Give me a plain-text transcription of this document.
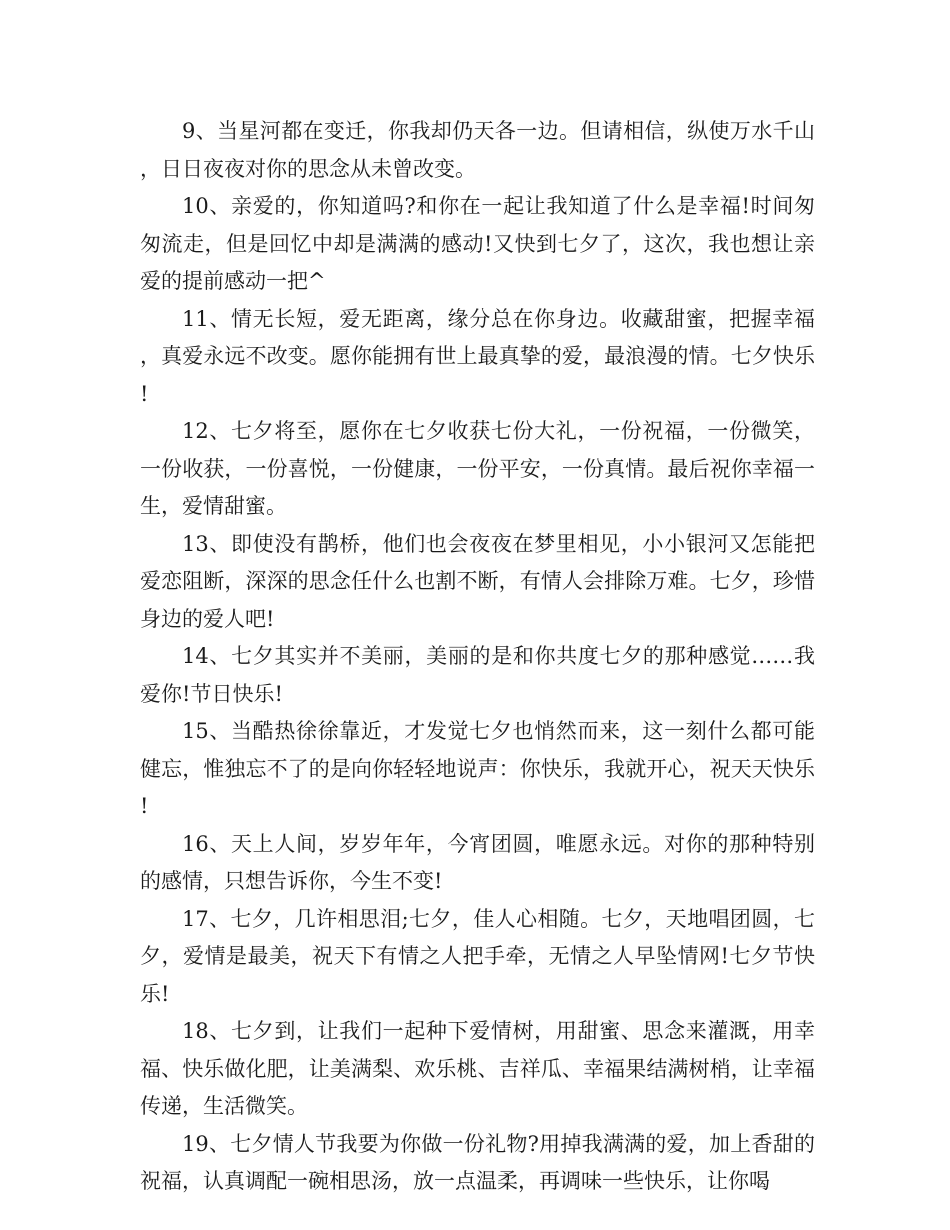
9、当星河都在变迁，你我却仍天各一边。但请相信，纵使万水千山，日日夜夜对你的思念从未曾改变。

10、亲爱的，你知道吗?和你在一起让我知道了什么是幸福!时间匆匆流走，但是回忆中却是满满的感动!又快到七夕了，这次，我也想让亲爱的提前感动一把^

11、情无长短，爱无距离，缘分总在你身边。收藏甜蜜，把握幸福，真爱永远不改变。愿你能拥有世上最真挚的爱，最浪漫的情。七夕快乐!

12、七夕将至，愿你在七夕收获七份大礼，一份祝福，一份微笑，一份收获，一份喜悦，一份健康，一份平安，一份真情。最后祝你幸福一生，爱情甜蜜。

13、即使没有鹊桥，他们也会夜夜在梦里相见，小小银河又怎能把爱恋阻断，深深的思念任什么也割不断，有情人会排除万难。七夕，珍惜身边的爱人吧!

14、七夕其实并不美丽，美丽的是和你共度七夕的那种感觉……我爱你!节日快乐!

15、当酷热徐徐靠近，才发觉七夕也悄然而来，这一刻什么都可能健忘，惟独忘不了的是向你轻轻地说声：你快乐，我就开心，祝天天快乐!

16、天上人间，岁岁年年，今宵团圆，唯愿永远。对你的那种特别的感情，只想告诉你，今生不变!

17、七夕，几许相思泪;七夕，佳人心相随。七夕，天地唱团圆，七夕，爱情是最美，祝天下有情之人把手牵，无情之人早坠情网!七夕节快乐!

18、七夕到，让我们一起种下爱情树，用甜蜜、思念来灌溉，用幸福、快乐做化肥，让美满梨、欢乐桃、吉祥瓜、幸福果结满树梢，让幸福传递，生活微笑。

19、七夕情人节我要为你做一份礼物?用掉我满满的爱，加上香甜的祝福，认真调配一碗相思汤，放一点温柔，再调味一些快乐，让你喝
